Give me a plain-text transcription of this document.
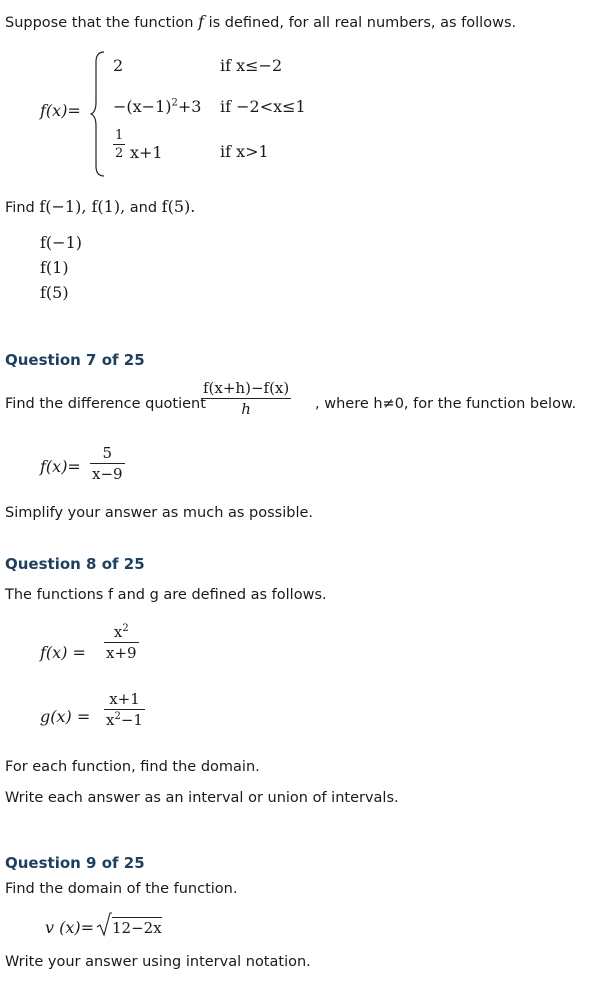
Suppose that the function f is defined, for all real numbers, as follows.
f(x)=
2	if x≤−2
$-(x-1)^2+3$ if −2<x≤1
1
2 x+1	if x>1
Find f(−1), f(1), and f(5).
f(−1)
f(1)
f(5)
Question 7 of 25
Find the difference quotient
f(x+h)−f(x)
h	, where h≠0, for the function below.
f(x)=
5
x−9
Simplify your answer as much as possible.
Question 8 of 25
The functions f and g are defined as follows.
f(x) =
$x^2$
x+9
g(x) =
x+1
$x^2-1$
For each function, find the domain.
Write each answer as an interval or union of intervals.
Question 9 of 25
Find the domain of the function.
v (x)= 12−2x
Write your answer using interval notation.
